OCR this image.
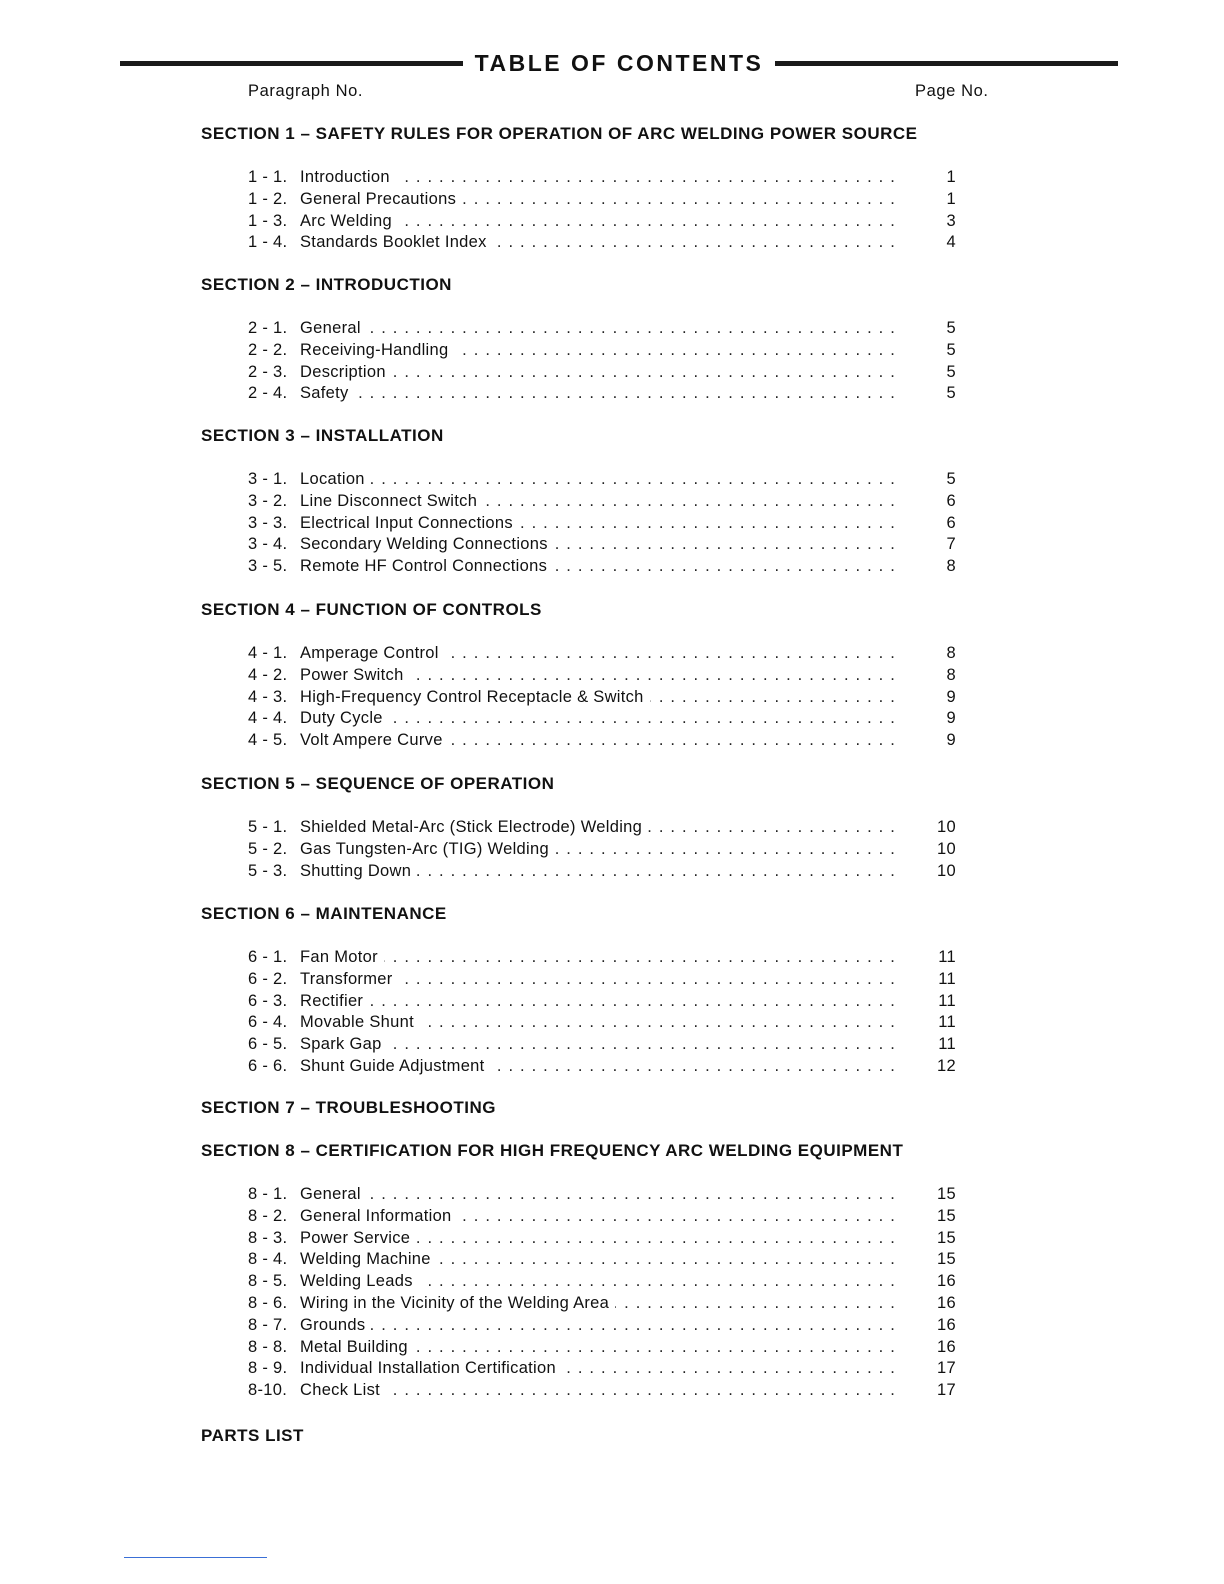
TABLE OF CONTENTS
Paragraph No.	Page No.
SECTION 1 – SAFETY RULES FOR OPERATION OF ARC WELDING POWER SOURCE
1 - 1. Introduction . . .	1
1 - 2. General Precautions . . .	1
1 - 3. Arc Welding . . .	3
1 - 4. Standards Booklet Index . . .	4
SECTION 2 – INTRODUCTION
2 - 1. General . . .	5
2 - 2. Receiving-Handling . . .	5
2 - 3. Description . . .	5
2 - 4. Safety . . .	5
SECTION 3 – INSTALLATION
3 - 1. Location . . .	5
3 - 2. Line Disconnect Switch . . .	6
3 - 3. Electrical Input Connections . . .	6
3 - 4. Secondary Welding Connections . . .	7
3 - 5. Remote HF Control Connections . . .	8
SECTION 4 – FUNCTION OF CONTROLS
4 - 1. Amperage Control . . .	8
4 - 2. Power Switch . . .	8
4 - 3. High-Frequency Control Receptacle & Switch . . .	9
4 - 4. Duty Cycle . . .	9
4 - 5. Volt Ampere Curve . . .	9
SECTION 5 – SEQUENCE OF OPERATION
5 - 1. Shielded Metal-Arc (Stick Electrode) Welding . . .	10
5 - 2. Gas Tungsten-Arc (TIG) Welding . . .	10
5 - 3. Shutting Down . . .	10
SECTION 6 – MAINTENANCE
6 - 1. Fan Motor . . .	11
6 - 2. Transformer . . .	11
6 - 3. Rectifier . . .	11
6 - 4. Movable Shunt . . .	11
6 - 5. Spark Gap . . .	11
6 - 6. Shunt Guide Adjustment . . .	12
SECTION 7 – TROUBLESHOOTING
SECTION 8 – CERTIFICATION FOR HIGH FREQUENCY ARC WELDING EQUIPMENT
8 - 1. General . . .	15
8 - 2. General Information . . .	15
8 - 3. Power Service . . .	15
8 - 4. Welding Machine . . .	15
8 - 5. Welding Leads . . .	16
8 - 6. Wiring in the Vicinity of the Welding Area . . .	16
8 - 7. Grounds . . .	16
8 - 8. Metal Building . . .	16
8 - 9. Individual Installation Certification . . .	17
8-10. Check List . . .	17
PARTS LIST
